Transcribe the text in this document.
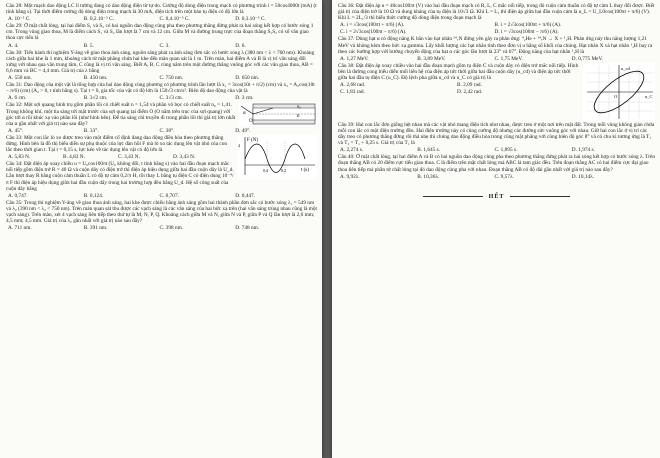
Câu 28: Một mạch dao động LC lí tưởng đang có dao động điện từ tự do. Cường độ dòng điện trong mạch có phương trình i = 50cos4000t (mA) (t tính bằng s). Tại thời điểm cường độ dòng điện trong mạch là 30 mA, điện tích trên một bản tụ điện có độ lớn là
A. 10⁻⁵ C.	B. 0,2.10⁻⁵ C.	C. 0,4.10⁻⁵ C.	D. 0,3.10⁻⁵ C.
Câu 29: Ở mặt chất lỏng, tại hai điểm S₁ và S₂ có hai nguồn dao động cùng pha theo phương thẳng đứng phát ra hai sóng kết hợp có bước sóng 1 cm. Trong vùng giao thoa, M là điểm cách S₁ và S₂ lần lượt là 7 cm và 12 cm. Giữa M và đường trung trực của đoạn thẳng S₁S₂ có số vân giao thoa cực tiểu là
A. 4.	B. 5.	C. 3.	D. 6.
Câu 30: Tiến hành thí nghiệm Y-âng về giao thoa ánh sáng, nguồn sáng phát ra ánh sáng đơn sắc có bước sóng λ (380 nm < λ < 760 nm). Khoảng cách giữa hai khe là 1 mm, khoảng cách từ mặt phẳng chứa hai khe đến màn quan sát là 1 m. Trên màn, hai điểm A và B là vị trí vân sáng đối xứng với nhau qua vân trung tâm, C cũng là vị trí vân sáng. Biết A, B, C cùng nằm trên một đường thẳng vuông góc với các vân giao thoa, AB = 6,6 mm và BC = 4,4 mm. Giá trị của λ bằng
A. 550 nm.	B. 450 nm.	C. 750 nm.	D. 650 nm.
Câu 31: Dao động của một vật là tổng hợp của hai dao động cùng phương có phương trình lần lượt là x₁ = 3cos(10t + π/2) (cm) và x₂ = A₂cos(10t − π/6) (cm) (A₂ > 0, t tính bằng s). Tại t = 0, gia tốc của vật có độ lớn là 150√3 cm/s². Biên độ dao động của vật là
A. 6 cm.	B. 3√2 cm.	C. 3√3 cm.	D. 3 cm.
α
O
n
n₀
Câu 32: Một sợi quang hình trụ gồm phần lõi có chiết suất n = 1,54 và phần vỏ bọc có chiết suất n₀ = 1,41. Trong không khí, một tia sáng tới mặt trước của sợi quang tại điểm O (O nằm trên trục của sợi quang) với góc tới α rồi khúc xạ vào phần lõi (như hình bên). Để tia sáng chỉ truyền đi trong phần lõi thì giá trị lớn nhất của α gần nhất với giá trị nào sau đây?
A. 45°.	B. 33°.	C. 38°.	D. 49°.
F (N)
t (s)
0,4	0,2
4
Câu 33: Một con lắc lò xo được treo vào một điểm cố định đang dao động điều hòa theo phương thẳng đứng. Hình bên là đồ thị biểu diễn sự phụ thuộc của lực đàn hồi F mà lò xo tác dụng lên vật nhỏ của con lắc theo thời gian t. Tại t = 0,15 s, lực kéo về tác dụng lên vật có độ lớn là
A. 5,83 N.	B. 4,83 N.	C. 3,43 N.	D. 3,43 N.
Câu 34: Đặt điện áp xoay chiều u = U₀cos100πt (U₀ không đổi, t tính bằng s) vào hai đầu đoạn mạch mắc nối tiếp gồm điện trở R = 40 Ω và cuộn dây có điện trở thì điện áp hiệu dụng giữa hai đầu cuộn dây là U_d. Lần lượt thay R bằng cuộn cảm thuần L có độ tự cảm 0,2/π H, rồi thay L bằng tụ điện C có điện dung 10⁻⁴/π F thì điện áp hiệu dụng giữa hai đầu cuộn dây trong hai trường hợp đều bằng U_d. Hệ số công suất của cuộn dây bằng
A. 0,747.	B. 0,124.	C. 0,707.	D. 0,447.
Câu 35: Trong thí nghiệm Y-âng về giao thoa ánh sáng, hai khe được chiếu bằng ánh sáng gồm hai thành phần đơn sắc có bước sóng λ₁ = 549 nm và λ₂ (390 nm < λ₂ < 750 nm). Trên màn quan sát thu được các vạch sáng là các vân sáng của hai bức xạ trên (hai vân sáng trùng nhau cũng là một vạch sáng). Trên màn, xét 4 vạch sáng liên tiếp theo thứ tự là M, N, P, Q. Khoảng cách giữa M và N, giữa N và P, giữa P và Q lần lượt là 2,0 mm; 4,5 mm; 4,5 mm. Giá trị của λ₂ gần nhất với giá trị nào sau đây?
A. 711 nm.	B. 391 nm.	C. 398 nm.	D. 748 nm.
Câu 36: Đặt điện áp u = 40cos100πt (V) vào hai đầu đoạn mạch có R, L, C mắc nối tiếp, trong đó cuộn cảm thuần có độ tự cảm L thay đổi được. Biết giá trị của điện trở là 10 Ω và dung kháng của tụ điện là 10√3 Ω. Khi L = L₁ thì điện áp giữa hai đầu cuộn cảm là u_L = U_L0cos(100πt + π/6) (V). Khi L = 2L₁/3 thì biểu thức cường độ dòng điện trong đoạn mạch là
A. i = √3cos(100πt + π/6) (A).	B. i = 2√3cos(100πt + π/6) (A).
C. i = 2√3cos(100πt − π/6) (A).	D. i = √3cos(100πt − π/6) (A).
Câu 37: Dùng hạt α có động năng K bắn vào hạt nhân ¹⁴₇N đứng yên gây ra phản ứng: ⁴₂He + ¹⁴₇N → X + ¹₁H. Phản ứng này thu năng lượng 1,21 MeV và không kèm theo bức xạ gamma. Lấy khối lượng các hạt nhân tính theo đơn vị u bằng số khối của chúng. Hạt nhân X và hạt nhân ¹₁H bay ra theo các hướng hợp với hướng chuyển động của hạt α các góc lần lượt là 23° và 67°. Động năng của hạt nhân ¹₁H là
A. 1,27 MeV.	B. 3,89 MeV.	C. 1,75 MeV.	D. 0,775 MeV.
u_cd
u_C
O
Câu 38: Đặt điện áp xoay chiều vào hai đầu đoạn mạch gồm tụ điện C và cuộn dây có điện trở mắc nối tiếp. Hình bên là đường cong biểu diễn mối liên hệ của điện áp tức thời giữa hai đầu cuộn dây (u_cd) và điện áp tức thời giữa hai đầu tụ điện C (u_C). Độ lệch pha giữa u_cd và u_C có giá trị là
A. 2,68 rad.	B. 2,09 rad.
C. 1,83 rad.	D. 2,42 rad.
Câu 39: Hai con lắc đơn giống hệt nhau mà các vật nhỏ mang điện tích như nhau, được treo ở một nơi trên mặt đất. Trong mỗi vùng không gian chứa mỗi con lắc có một điện trường đều. Hai điện trường này có cùng cường độ nhưng các đường sức vuông góc với nhau. Giữ hai con lắc ở vị trí các dây treo có phương thẳng đứng rồi thả nhẹ thì chúng dao động điều hòa trong cùng mặt phẳng với cùng biên độ góc 8° và có chu kì tương ứng là T₁ và T₂ = T₁ + 0,25 s. Giá trị của T₁ là
A. 2,274 s.	B. 1,645 s.	C. 1,895 s.	D. 1,974 s.
Câu 40: Ở mặt chất lỏng, tại hai điểm A và B có hai nguồn dao động cùng pha theo phương thẳng đứng phát ra hai sóng kết hợp có bước sóng λ. Trên đoạn thẳng AB có 20 điểm cực tiểu giao thoa. C là điểm trên mặt chất lỏng mà ABC là tam giác đều. Trên đoạn thẳng AC có hai điểm cực đại giao thoa liên tiếp mà phần tử chất lỏng tại đó dao động cùng pha với nhau. Đoạn thẳng AB có độ dài gần nhất với giá trị nào sau đây?
A. 9,92λ.	B. 10,36λ.	C. 9,57λ.	D. 10,14λ.
HẾT
